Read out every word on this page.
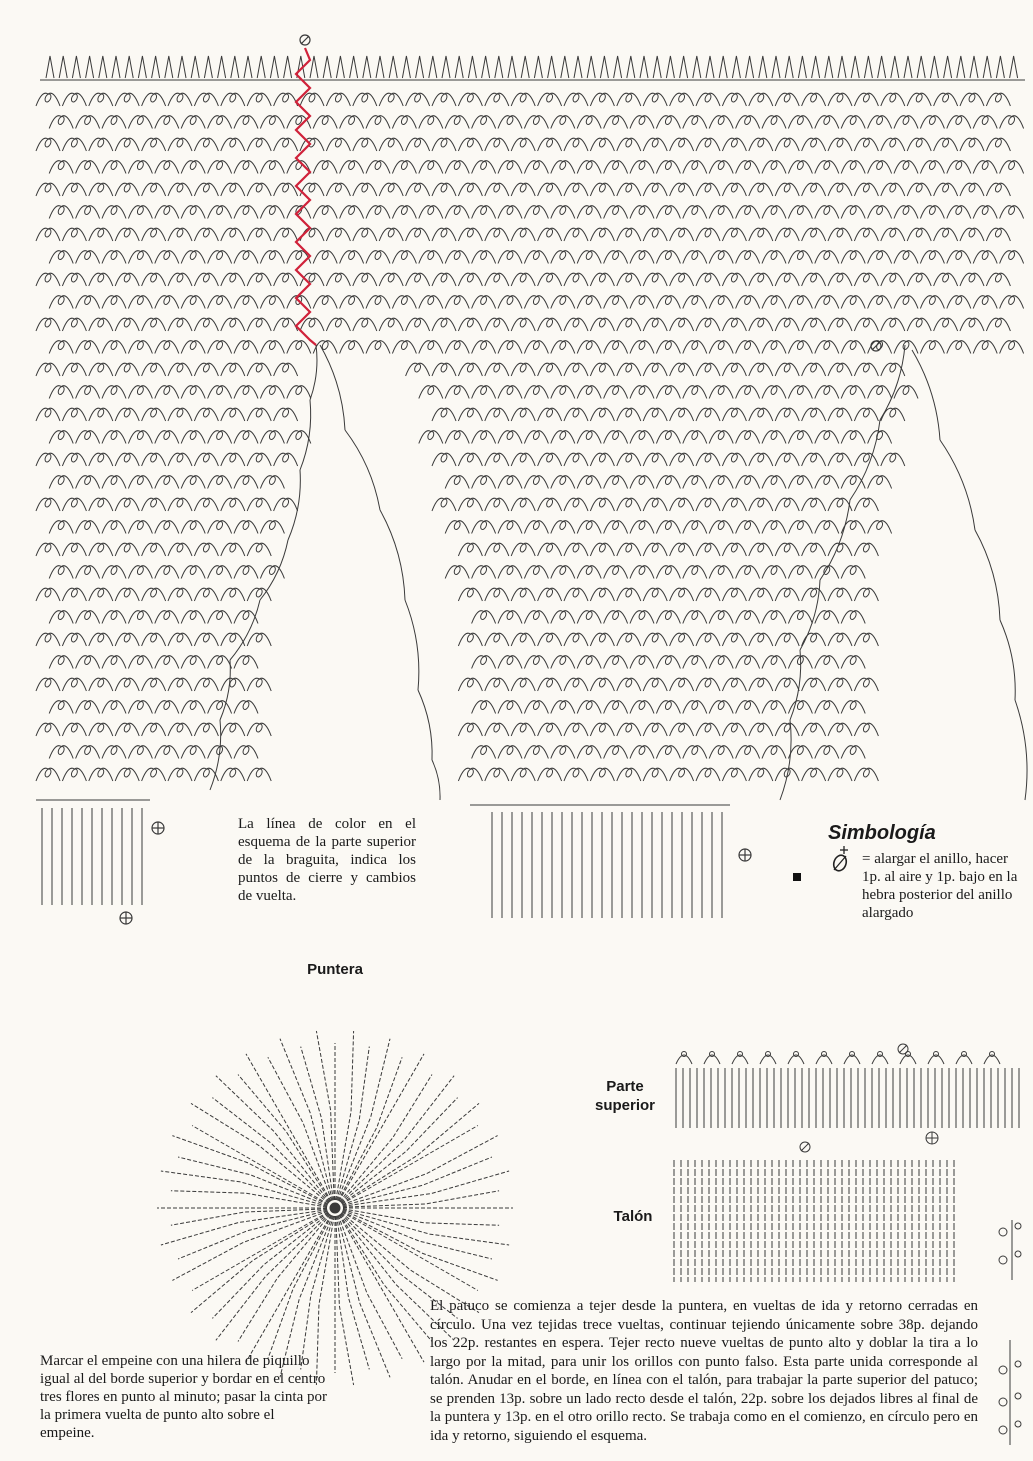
La línea de color en el esquema de la parte superior de la braguita, indica los puntos de cierre y cambios de vuelta.
Simbología
= alargar el anillo, hacer 1p. al aire y 1p. bajo en la hebra posterior del anillo alargado
Puntera
Parte superior
Talón
Marcar el empeine con una hilera de piquillo igual al del borde superior y bordar en el centro tres flores en punto al minuto; pasar la cinta por la primera vuelta de punto alto sobre el empeine.
El patuco se comienza a tejer desde la puntera, en vueltas de ida y retorno cerradas en círculo. Una vez tejidas trece vueltas, continuar tejiendo únicamente sobre 38p. dejando los 22p. restantes en espera. Tejer recto nueve vueltas de punto alto y doblar la tira a lo largo por la mitad, para unir los orillos con punto falso. Esta parte unida corresponde al talón. Anudar en el borde, en línea con el talón, para trabajar la parte superior del patuco; se prenden 13p. sobre un lado recto desde el talón, 22p. sobre los dejados libres al final de la puntera y 13p. en el otro orillo recto. Se trabaja como en el comienzo, en círculo pero en ida y retorno, siguiendo el esquema.
